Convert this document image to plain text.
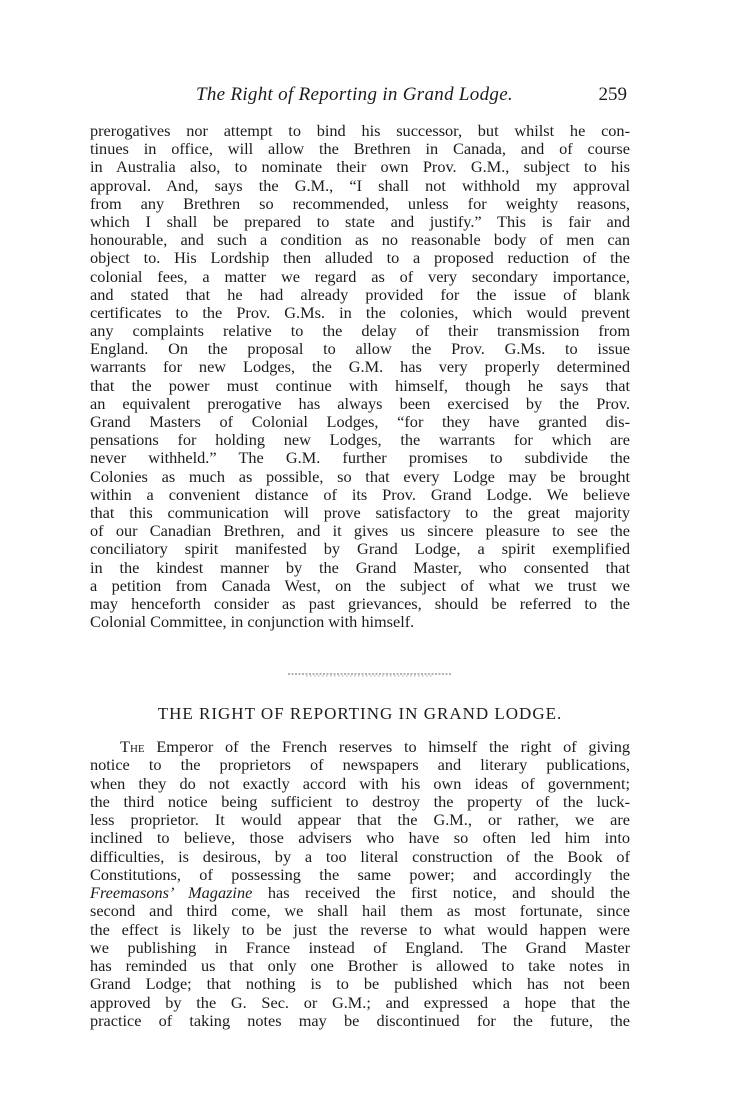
The Right of Reporting in Grand Lodge.	259
prerogatives nor attempt to bind his successor, but whilst he con-
tinues in office, will allow the Brethren in Canada, and of course
in Australia also, to nominate their own Prov. G.M., subject to his
approval. And, says the G.M., “I shall not withhold my approval
from any Brethren so recommended, unless for weighty reasons,
which I shall be prepared to state and justify.” This is fair and
honourable, and such a condition as no reasonable body of men can
object to. His Lordship then alluded to a proposed reduction of the
colonial fees, a matter we regard as of very secondary importance,
and stated that he had already provided for the issue of blank
certificates to the Prov. G.Ms. in the colonies, which would prevent
any complaints relative to the delay of their transmission from
England. On the proposal to allow the Prov. G.Ms. to issue
warrants for new Lodges, the G.M. has very properly determined
that the power must continue with himself, though he says that
an equivalent prerogative has always been exercised by the Prov.
Grand Masters of Colonial Lodges, “for they have granted dis-
pensations for holding new Lodges, the warrants for which are
never withheld.” The G.M. further promises to subdivide the
Colonies as much as possible, so that every Lodge may be brought
within a convenient distance of its Prov. Grand Lodge. We believe
that this communication will prove satisfactory to the great majority
of our Canadian Brethren, and it gives us sincere pleasure to see the
conciliatory spirit manifested by Grand Lodge, a spirit exemplified
in the kindest manner by the Grand Master, who consented that
a petition from Canada West, on the subject of what we trust we
may henceforth consider as past grievances, should be referred to the
Colonial Committee, in conjunction with himself.
THE RIGHT OF REPORTING IN GRAND LODGE.
The Emperor of the French reserves to himself the right of giving
notice to the proprietors of newspapers and literary publications,
when they do not exactly accord with his own ideas of government;
the third notice being sufficient to destroy the property of the luck-
less proprietor. It would appear that the G.M., or rather, we are
inclined to believe, those advisers who have so often led him into
difficulties, is desirous, by a too literal construction of the Book of
Constitutions, of possessing the same power; and accordingly the
Freemasons’ Magazine has received the first notice, and should the
second and third come, we shall hail them as most fortunate, since
the effect is likely to be just the reverse to what would happen were
we publishing in France instead of England. The Grand Master
has reminded us that only one Brother is allowed to take notes in
Grand Lodge; that nothing is to be published which has not been
approved by the G. Sec. or G.M.; and expressed a hope that the
practice of taking notes may be discontinued for the future, the
